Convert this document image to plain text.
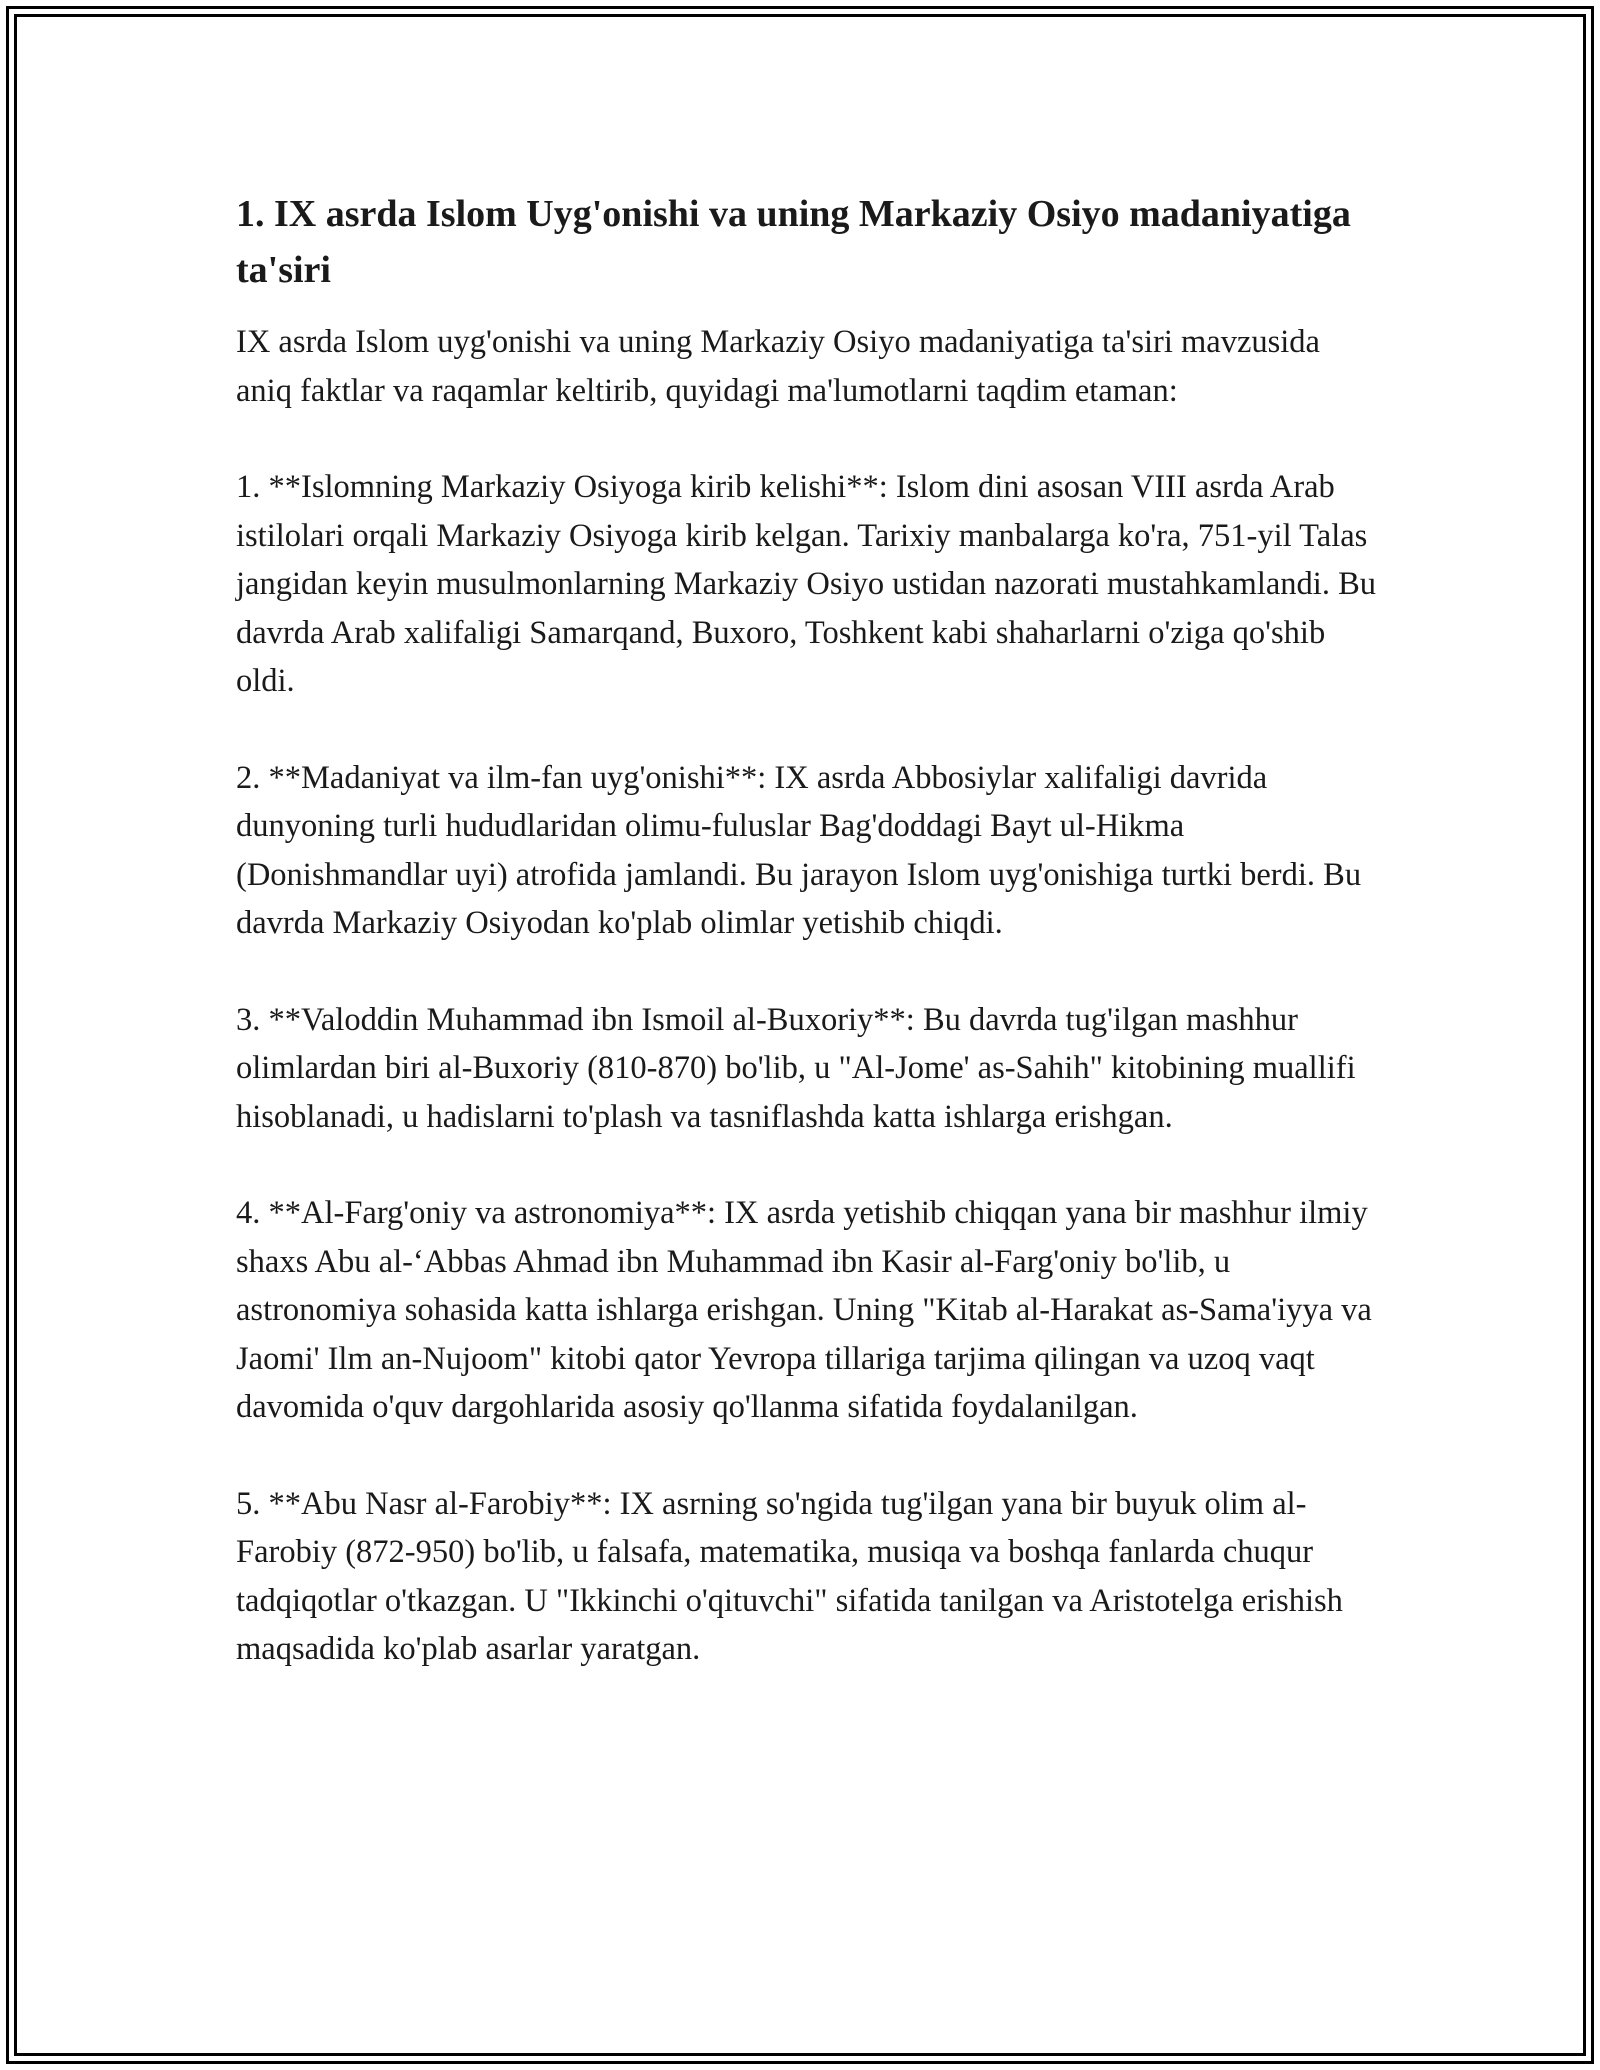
1. IX asrda Islom Uyg'onishi va uning Markaziy Osiyo madaniyatiga ta'siri

IX asrda Islom uyg'onishi va uning Markaziy Osiyo madaniyatiga ta'siri mavzusida aniq faktlar va raqamlar keltirib, quyidagi ma'lumotlarni taqdim etaman:

1. **Islomning Markaziy Osiyoga kirib kelishi**: Islom dini asosan VIII asrda Arab istilolari orqali Markaziy Osiyoga kirib kelgan. Tarixiy manbalarga ko'ra, 751-yil Talas jangidan keyin musulmonlarning Markaziy Osiyo ustidan nazorati mustahkamlandi. Bu davrda Arab xalifaligi Samarqand, Buxoro, Toshkent kabi shaharlarni o'ziga qo'shib oldi.

2. **Madaniyat va ilm-fan uyg'onishi**: IX asrda Abbosiylar xalifaligi davrida dunyoning turli hududlaridan olimu-fuluslar Bag'doddagi Bayt ul-Hikma (Donishmandlar uyi) atrofida jamlandi. Bu jarayon Islom uyg'onishiga turtki berdi. Bu davrda Markaziy Osiyodan ko'plab olimlar yetishib chiqdi.

3. **Valoddin Muhammad ibn Ismoil al-Buxoriy**: Bu davrda tug'ilgan mashhur olimlardan biri al-Buxoriy (810-870) bo'lib, u "Al-Jome' as-Sahih" kitobining muallifi hisoblanadi, u hadislarni to'plash va tasniflashda katta ishlarga erishgan.

4. **Al-Farg'oniy va astronomiya**: IX asrda yetishib chiqqan yana bir mashhur ilmiy shaxs Abu al-‘Abbas Ahmad ibn Muhammad ibn Kasir al-Farg'oniy bo'lib, u astronomiya sohasida katta ishlarga erishgan. Uning "Kitab al-Harakat as-Sama'iyya va Jaomi' Ilm an-Nujoom" kitobi qator Yevropa tillariga tarjima qilingan va uzoq vaqt davomida o'quv dargohlarida asosiy qo'llanma sifatida foydalanilgan.

5. **Abu Nasr al-Farobiy**: IX asrning so'ngida tug'ilgan yana bir buyuk olim al-Farobiy (872-950) bo'lib, u falsafa, matematika, musiqa va boshqa fanlarda chuqur tadqiqotlar o'tkazgan. U "Ikkinchi o'qituvchi" sifatida tanilgan va Aristotelga erishish maqsadida ko'plab asarlar yaratgan.
